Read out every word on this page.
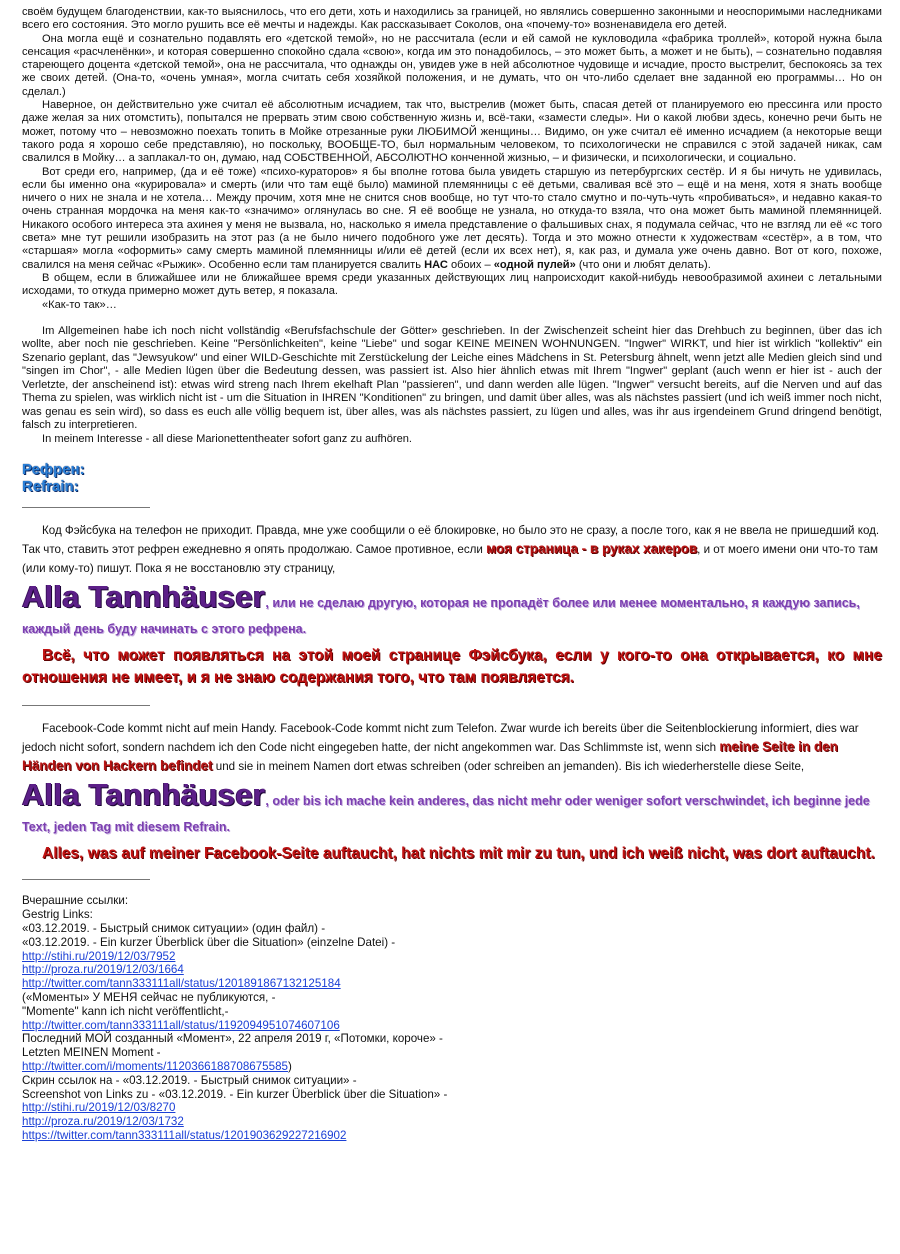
своём будущем благоденствии, как-то выяснилось, что его дети, хоть и находились за границей, но являлись совершенно законными и неоспоримыми наследниками всего его состояния. Это могло рушить все её мечты и надежды. Как рассказывает Соколов, она «почему-то» возненавидела его детей.

Она могла ещё и сознательно подавлять его «детской темой», но не рассчитала (если и ей самой не кукловодила «фабрика троллей», которой нужна была сенсация «расчленёнки», и которая совершенно спокойно сдала «свою», когда им это понадобилось, – это может быть, а может и не быть), – сознательно подавляя стареющего доцента «детской темой», она не рассчитала, что однажды он, увидев уже в ней абсолютное чудовище и исчадие, просто выстрелит, беспокоясь за тех же своих детей. (Она-то, «очень умная», могла считать себя хозяйкой положения, и не думать, что он что-либо сделает вне заданной ею программы… Но он сделал.)

Наверное, он действительно уже считал её абсолютным исчадием, так что, выстрелив (может быть, спасая детей от планируемого ею прессинга или просто даже желая за них отомстить), попытался не прервать этим свою собственную жизнь и, всё-таки, «замести следы». Ни о какой любви здесь, конечно речи быть не может, потому что – невозможно поехать топить в Мойке отрезанные руки ЛЮБИМОЙ женщины… Видимо, он уже считал её именно исчадием (а некоторые вещи такого рода я хорошо себе представляю), но поскольку, ВООБЩЕ-ТО, был нормальным человеком, то психологически не справился с этой задачей никак, сам свалился в Мойку… а заплакал-то он, думаю, над СОБСТВЕННОЙ, АБСОЛЮТНО конченной жизнью, – и физически, и психологически, и социально.

Вот среди его, например, (да и её тоже) «психо-кураторов» я бы вполне готова была увидеть старшую из петербургских сестёр. И я бы ничуть не удивилась, если бы именно она «курировала» и смерть (или что там ещё было) маминой племянницы с её детьми, сваливая всё это – ещё и на меня, хотя я знать вообще ничего о них не знала и не хотела… Между прочим, хотя мне не снится снов вообще, но тут что-то стало смутно и по-чуть-чуть «пробиваться», и недавно какая-то очень странная мордочка на меня как-то «значимо» оглянулась во сне. Я её вообще не узнала, но откуда-то взяла, что она может быть маминой племянницей. Никакого особого интереса эта ахинея у меня не вызвала, но, насколько я имела представление о фальшивых снах, я подумала сейчас, что не взгляд ли её «с того света» мне тут решили изобразить на этот раз (а не было ничего подобного уже лет десять). Тогда и это можно отнести к художествам «сестёр», а в том, что «старшая» могла «оформить» саму смерть маминой племянницы и/или её детей (если их всех нет), я, как раз, и думала уже очень давно. Вот от кого, похоже, свалился на меня сейчас «Рыжик». Особенно если там планируется свалить НАС обоих – «одной пулей» (что они и любят делать).

В общем, если в ближайшее или не ближайшее время среди указанных действующих лиц напроисходит какой-нибудь невообразимой ахинеи с летальными исходами, то откуда примерно может дуть ветер, я показала.

«Как-то так»…

Im Allgemeinen habe ich noch nicht vollständig «Berufsfachschule der Götter» geschrieben. In der Zwischenzeit scheint hier das Drehbuch zu beginnen, über das ich wollte, aber noch nie geschrieben. Keine "Persönlichkeiten", keine "Liebe" und sogar KEINE MEINEN WOHNUNGEN. "Ingwer" WIRKT, und hier ist wirklich "kollektiv" ein Szenario geplant, das "Jewsyukow" und einer WILD-Geschichte mit Zerstückelung der Leiche eines Mädchens in St. Petersburg ähnelt, wenn jetzt alle Medien gleich sind und "singen im Chor", - alle Medien lügen über die Bedeutung dessen, was passiert ist. Also hier ähnlich etwas mit Ihrem "Ingwer" geplant (auch wenn er hier ist - auch der Verletzte, der anscheinend ist): etwas wird streng nach Ihrem ekelhaft Plan "passieren", und dann werden alle lügen. "Ingwer" versucht bereits, auf die Nerven und auf das Thema zu spielen, was wirklich nicht ist - um die Situation in IHREN "Konditionen" zu bringen, und damit über alles, was als nächstes passiert (und ich weiß immer noch nicht, was genau es sein wird), so dass es euch alle völlig bequem ist, über alles, was als nächstes passiert, zu lügen und alles, was ihr aus irgendeinem Grund dringend benötigt, falsch zu interpretieren.

In meinem Interesse - all diese Marionettentheater sofort ganz zu aufhören.

Рефрен:

Refrain:

Код Фэйсбука на телефон не приходит. Правда, мне уже сообщили о её блокировке, но было это не сразу, а после того, как я не ввела не пришедший код. Так что, ставить этот рефрен ежедневно я опять продолжаю. Самое противное, если моя страница - в руках хакеров, и от моего имени они что-то там (или кому-то) пишут. Пока я не восстановлю эту страницу,

Alla Tannhäuser, или не сделаю другую, которая не пропадёт более или менее моментально, я каждую запись, каждый день буду начинать с этого рефрена.

Всё, что может появляться на этой моей странице Фэйсбука, если у кого-то она открывается, ко мне отношения не имеет, и я не знаю содержания того, что там появляется.

Facebook-Code kommt nicht auf mein Handy. Facebook-Code kommt nicht zum Telefon. Zwar wurde ich bereits über die Seitenblockierung informiert, dies war jedoch nicht sofort, sondern nachdem ich den Code nicht eingegeben hatte, der nicht angekommen war. Das Schlimmste ist, wenn sich meine Seite in den Händen von Hackern befindet und sie in meinem Namen dort etwas schreiben (oder schreiben an jemanden). Bis ich wiederherstelle diese Seite,

Alla Tannhäuser, oder bis ich mache kein anderes, das nicht mehr oder weniger sofort verschwindet, ich beginne jede Text, jeden Tag mit diesem Refrain.

Alles, was auf meiner Facebook-Seite auftaucht, hat nichts mit mir zu tun, und ich weiß nicht, was dort auftaucht.

Вчерашние ссылки:

Gestrig Links:

«03.12.2019. - Быстрый снимок ситуации» (один файл) -

«03.12.2019. - Ein kurzer Überblick über die Situation» (einzelne Datei) -

http://stihi.ru/2019/12/03/7952

http://proza.ru/2019/12/03/1664

http://twitter.com/tann333111all/status/1201891867132125184

(«Моменты» У МЕНЯ сейчас не публикуются, -

"Momente" kann ich nicht veröffentlicht,-

http://twitter.com/tann333111all/status/1192094951074607106

Последний МОЙ созданный «Момент», 22 апреля 2019 г, «Потомки, короче» -

Letzten MEINEN Moment -

http://twitter.com/i/moments/1120366188708675585)

Скрин ссылок на - «03.12.2019. - Быстрый снимок ситуации» -

Screenshot von Links zu - «03.12.2019. - Ein kurzer Überblick über die Situation» -

http://stihi.ru/2019/12/03/8270

http://proza.ru/2019/12/03/1732

https://twitter.com/tann333111all/status/1201903629227216902
